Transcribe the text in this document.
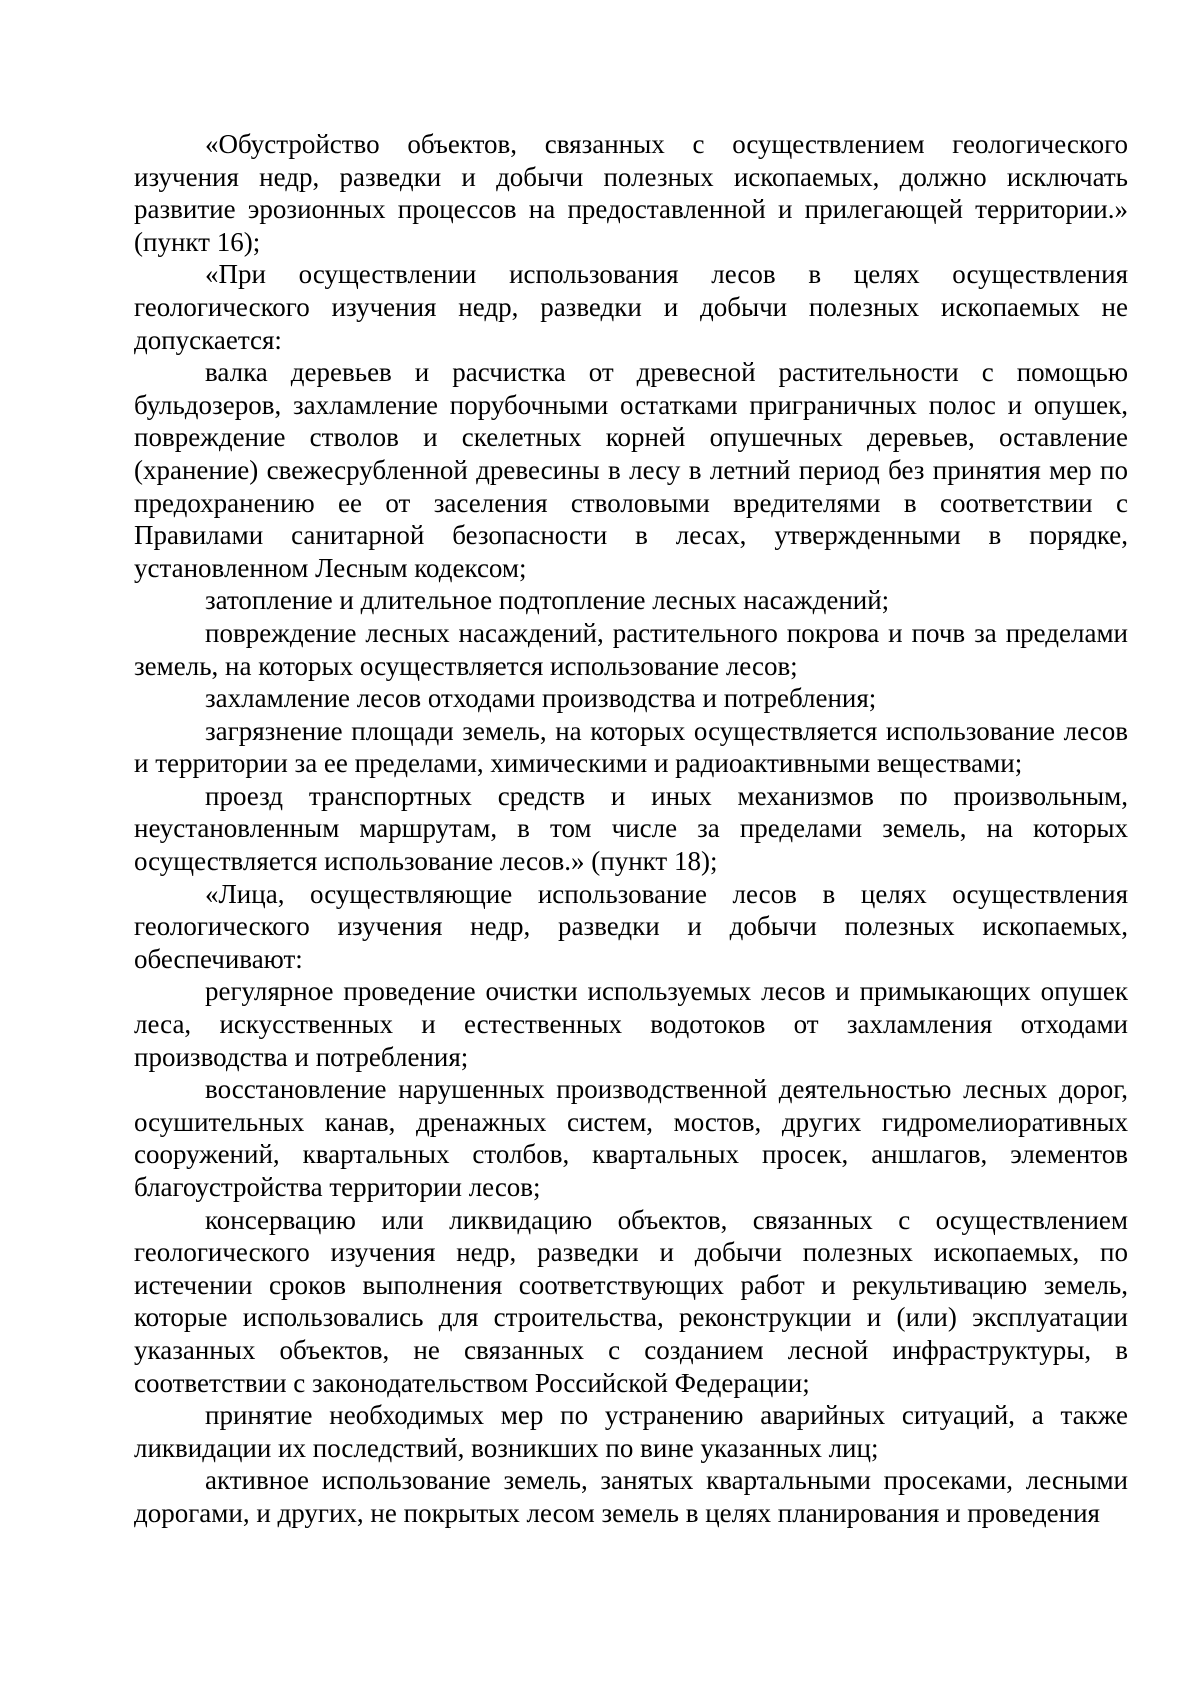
«Обустройство объектов, связанных с осуществлением геологического изучения недр, разведки и добычи полезных ископаемых, должно исключать развитие эрозионных процессов на предоставленной и прилегающей территории.» (пункт 16);

«При осуществлении использования лесов в целях осуществления геологического изучения недр, разведки и добычи полезных ископаемых не допускается:

валка деревьев и расчистка от древесной растительности с помощью бульдозеров, захламление порубочными остатками приграничных полос и опушек, повреждение стволов и скелетных корней опушечных деревьев, оставление (хранение) свежесрубленной древесины в лесу в летний период без принятия мер по предохранению ее от заселения стволовыми вредителями в соответствии с Правилами санитарной безопасности в лесах, утвержденными в порядке, установленном Лесным кодексом;

затопление и длительное подтопление лесных насаждений;

повреждение лесных насаждений, растительного покрова и почв за пределами земель, на которых осуществляется использование лесов;

захламление лесов отходами производства и потребления;

загрязнение площади земель, на которых осуществляется использование лесов и территории за ее пределами, химическими и радиоактивными веществами;

проезд транспортных средств и иных механизмов по произвольным, неустановленным маршрутам, в том числе за пределами земель, на которых осуществляется использование лесов.» (пункт 18);

«Лица, осуществляющие использование лесов в целях осуществления геологического изучения недр, разведки и добычи полезных ископаемых, обеспечивают:

регулярное проведение очистки используемых лесов и примыкающих опушек леса, искусственных и естественных водотоков от захламления отходами производства и потребления;

восстановление нарушенных производственной деятельностью лесных дорог, осушительных канав, дренажных систем, мостов, других гидромелиоративных сооружений, квартальных столбов, квартальных просек, аншлагов, элементов благоустройства территории лесов;

консервацию или ликвидацию объектов, связанных с осуществлением геологического изучения недр, разведки и добычи полезных ископаемых, по истечении сроков выполнения соответствующих работ и рекультивацию земель, которые использовались для строительства, реконструкции и (или) эксплуатации указанных объектов, не связанных с созданием лесной инфраструктуры, в соответствии с законодательством Российской Федерации;

принятие необходимых мер по устранению аварийных ситуаций, а также ликвидации их последствий, возникших по вине указанных лиц;

активное использование земель, занятых квартальными просеками, лесными дорогами, и других, не покрытых лесом земель в целях планирования и проведения
